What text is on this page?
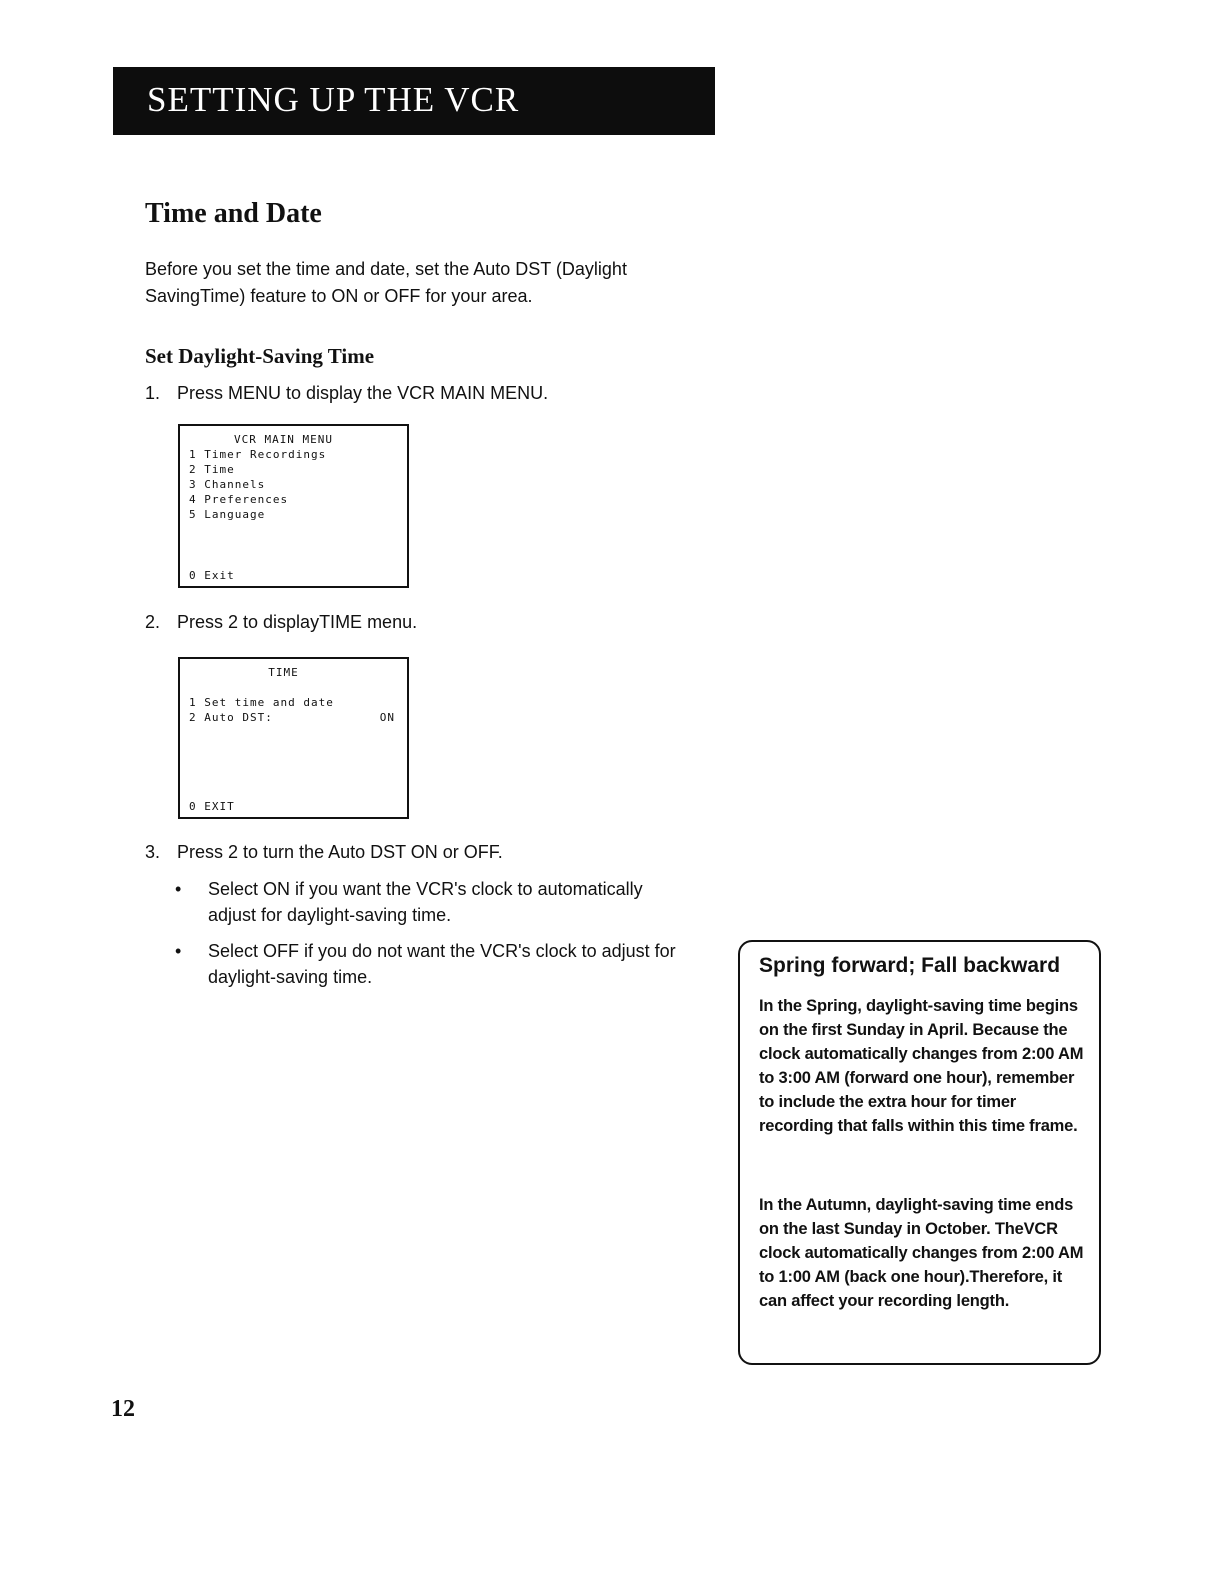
SETTING UP THE VCR
Time and Date
Before you set the time and date, set the Auto DST (Daylight SavingTime) feature to ON or OFF for your area.
Set Daylight-Saving Time
1. Press MENU to display the VCR MAIN MENU.
VCR MAIN MENU
1 Timer Recordings
2 Time
3 Channels
4 Preferences
5 Language
0 Exit
2. Press 2 to displayTIME menu.
TIME
1 Set time and date
2 Auto DST:	ON
0 EXIT
3. Press 2 to turn the Auto DST ON or OFF.
• Select ON if you want the VCR's clock to automatically adjust for daylight-saving time.
• Select OFF if you do not want the VCR's clock to adjust for daylight-saving time.	Spring forward; Fall backward
In the Spring, daylight-saving time begins on the first Sunday in April. Because the clock automatically changes from 2:00 AM to 3:00 AM (forward one hour), remember to include the extra hour for timer recording that falls within this time frame.
In the Autumn, daylight-saving time ends on the last Sunday in October. TheVCR clock automatically changes from 2:00 AM to 1:00 AM (back one hour).Therefore, it can affect your recording length.
12
